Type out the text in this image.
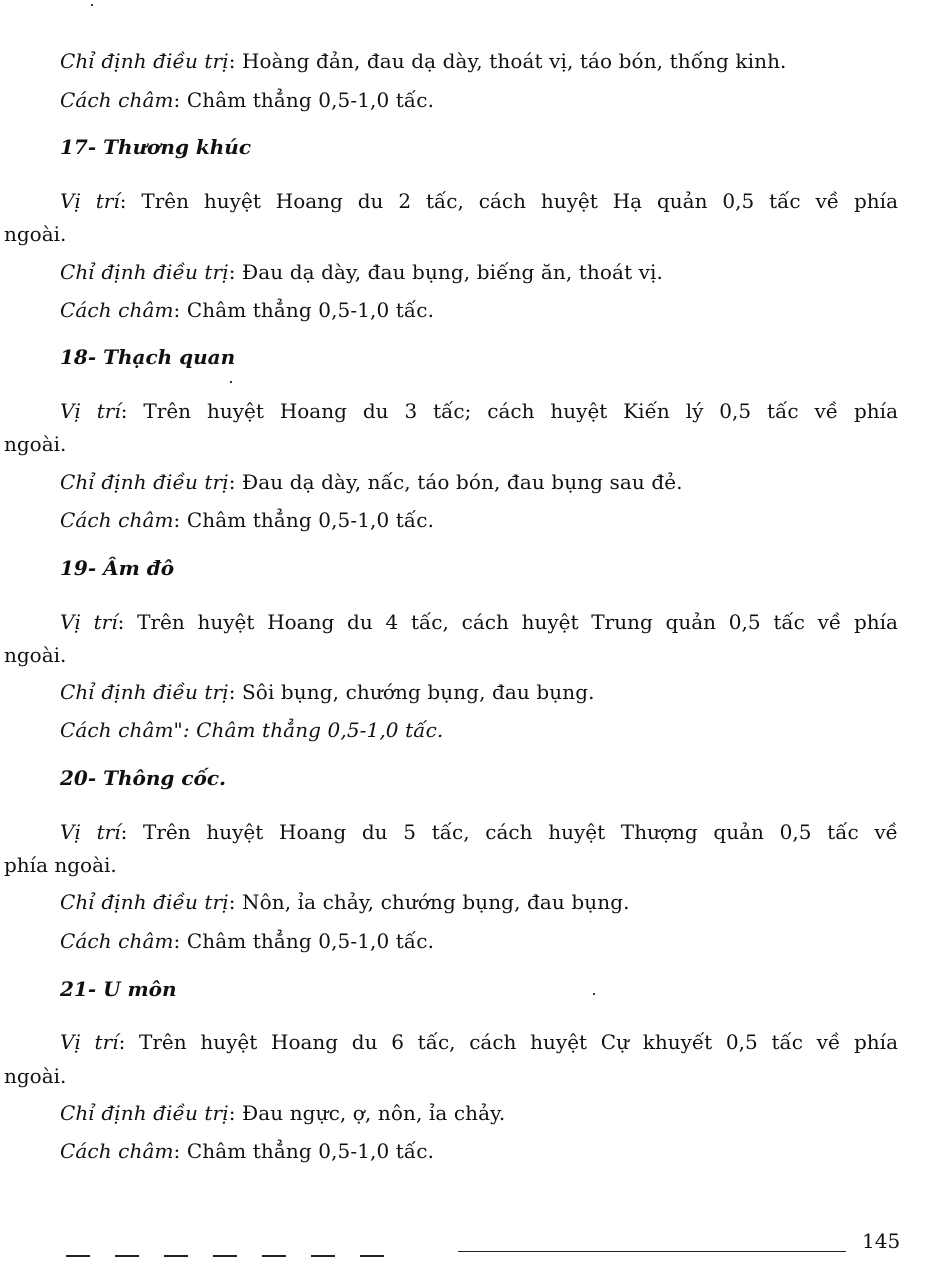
Chỉ định điều trị: Hoàng đản, đau dạ dày, thoát vị, táo bón, thống kinh.
Cách châm: Châm thẳng 0,5-1,0 tấc.
17- Thương khúc
Vị trí: Trên huyệt Hoang du 2 tấc, cách huyệt Hạ quản 0,5 tấc về phía
ngoài.
Chỉ định điều trị: Đau dạ dày, đau bụng, biếng ăn, thoát vị.
Cách châm: Châm thẳng 0,5-1,0 tấc.
18- Thạch quan
Vị trí: Trên huyệt Hoang du 3 tấc; cách huyệt Kiến lý 0,5 tấc về phía
ngoài.
Chỉ định điều trị: Đau dạ dày, nấc, táo bón, đau bụng sau đẻ.
Cách châm: Châm thẳng 0,5-1,0 tấc.
19- Âm đô
Vị trí: Trên huyệt Hoang du 4 tấc, cách huyệt Trung quản 0,5 tấc về phía
ngoài.
Chỉ định điều trị: Sôi bụng, chướng bụng, đau bụng.
Cách châm": Châm thẳng 0,5-1,0 tấc.
20- Thông cốc.
Vị trí: Trên huyệt Hoang du 5 tấc, cách huyệt Thượng quản 0,5 tấc về
phía ngoài.
Chỉ định điều trị: Nôn, ỉa chảy, chướng bụng, đau bụng.
Cách châm: Châm thẳng 0,5-1,0 tấc.
21- U môn
Vị trí: Trên huyệt Hoang du 6 tấc, cách huyệt Cự khuyết 0,5 tấc về phía
ngoài.
Chỉ định điều trị: Đau ngực, ợ, nôn, ỉa chảy.
Cách châm: Châm thẳng 0,5-1,0 tấc.
145
